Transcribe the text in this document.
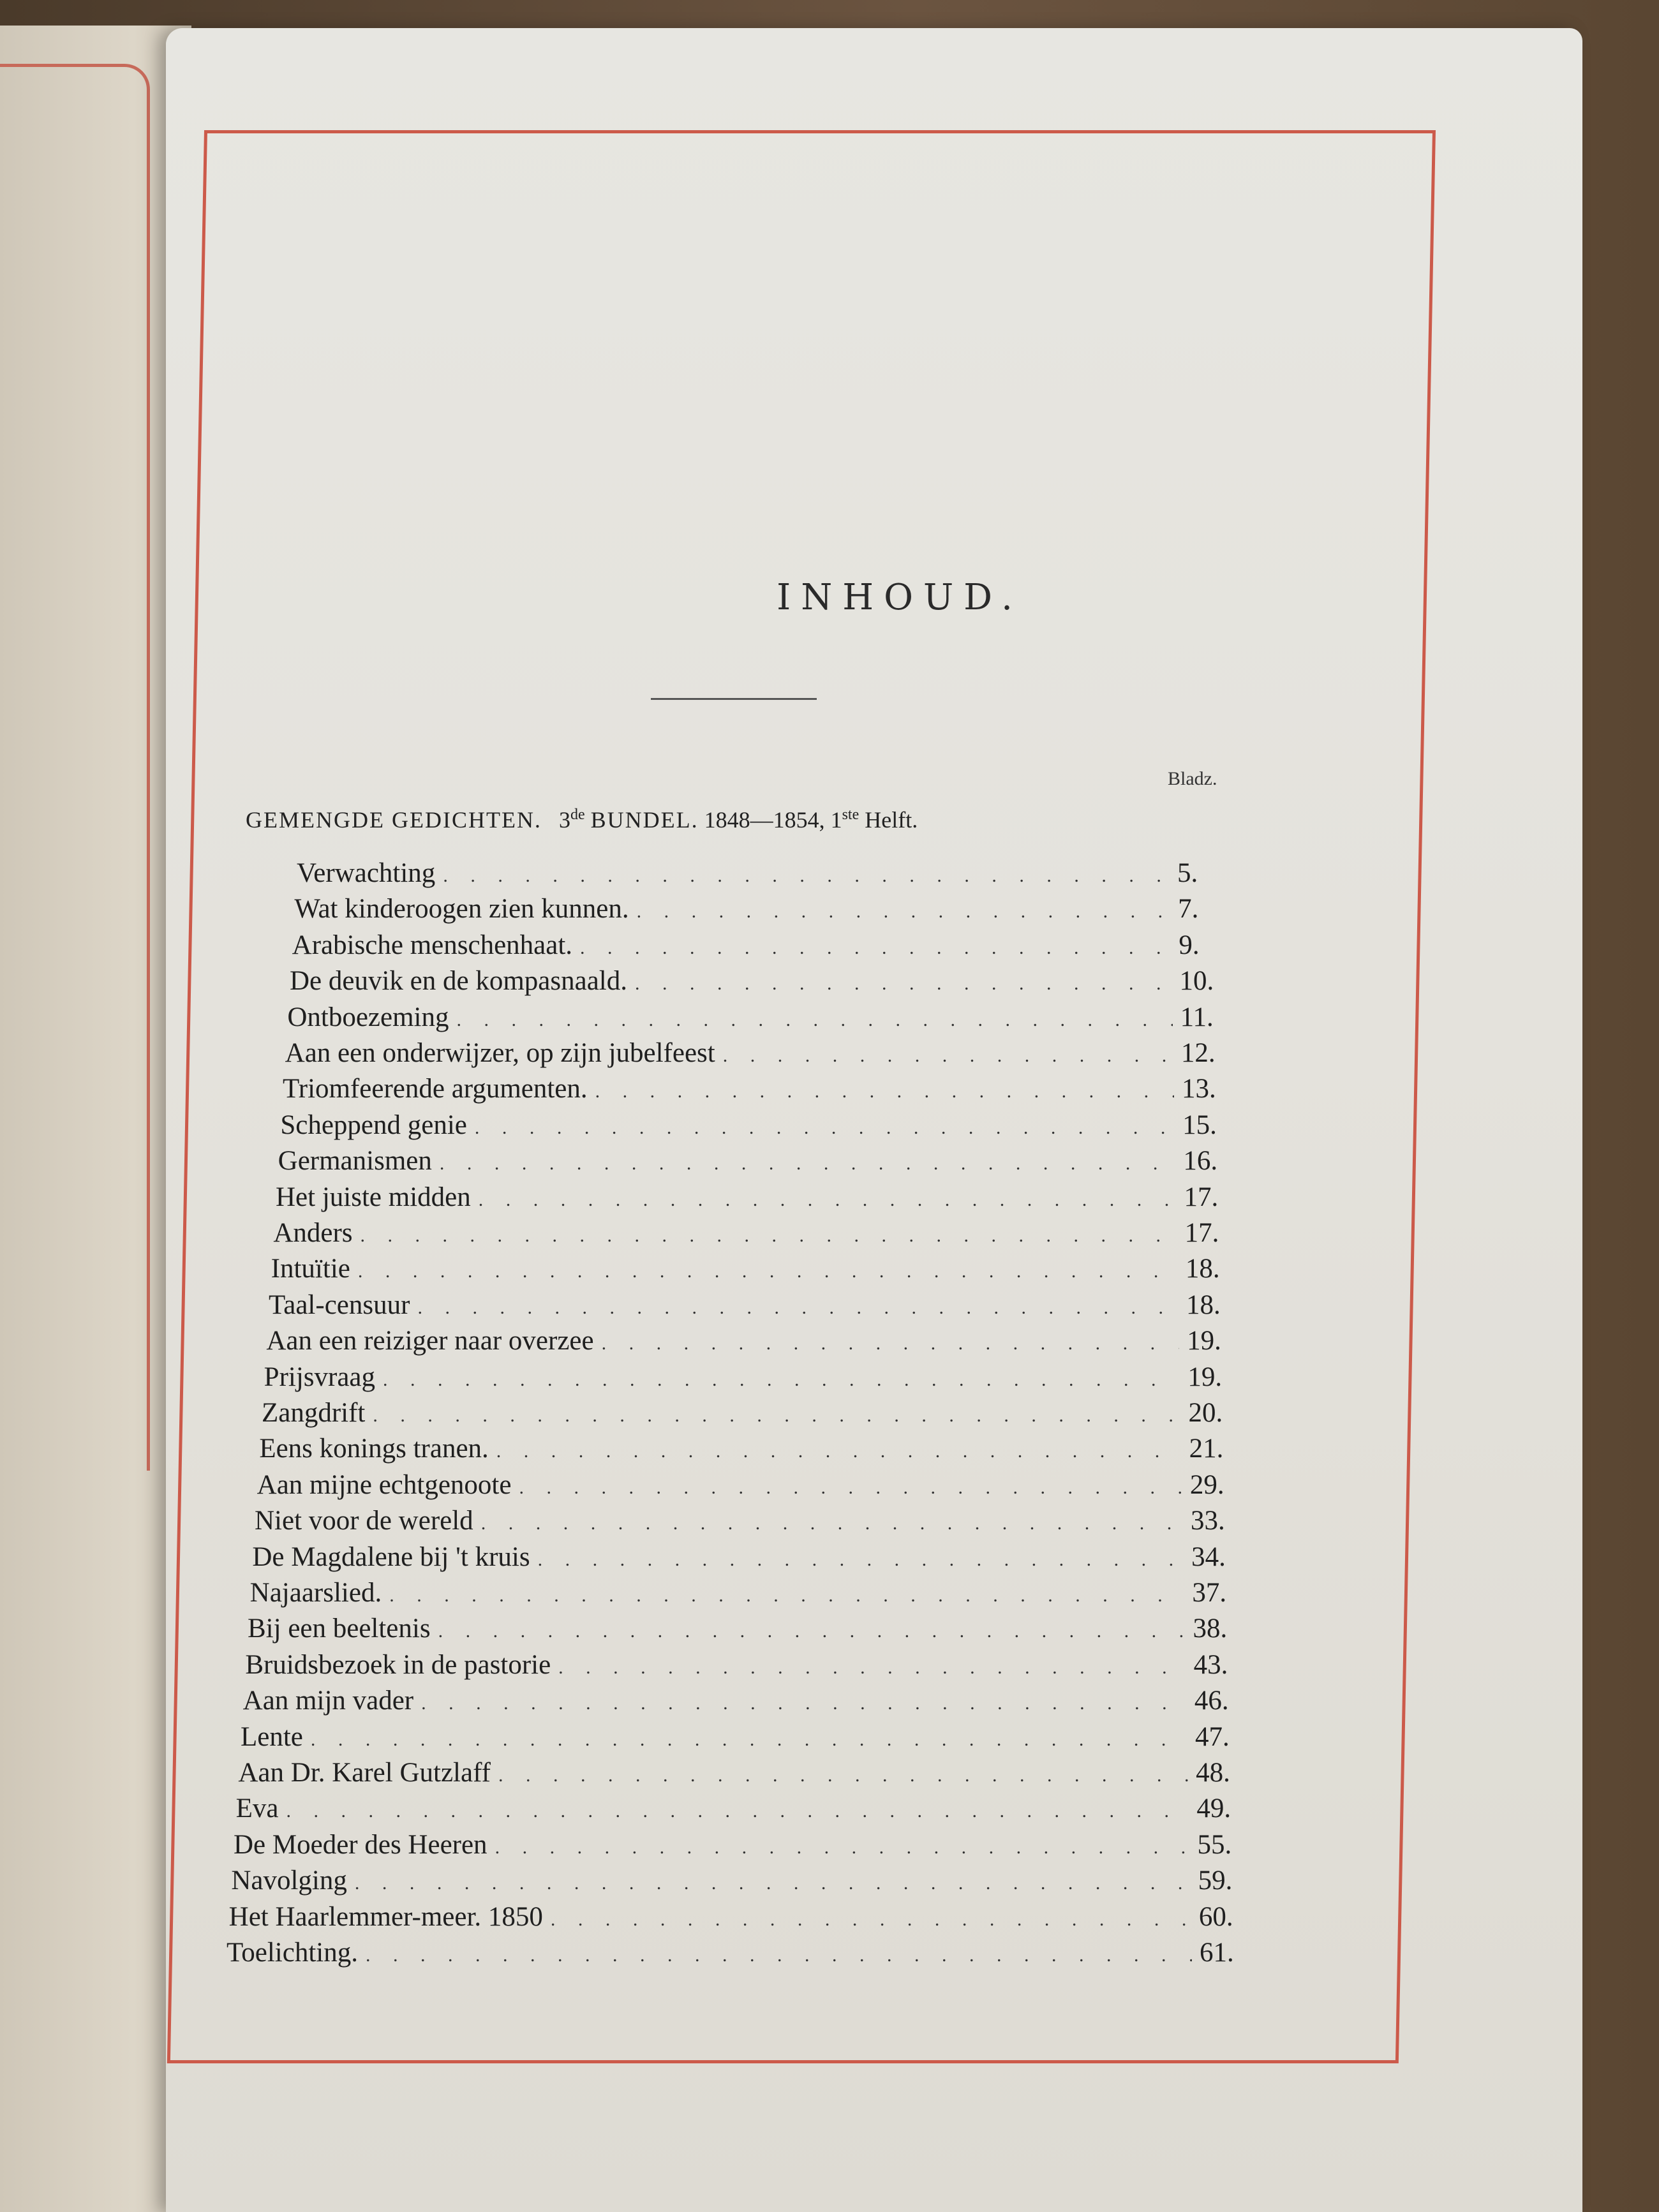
INHOUD.
Bladz.
GEMENGDE GEDICHTEN. 3de BUNDEL. 1848—1854, 1ste Helft.
Verwachting . . .	5.
Wat kinderoogen zien kunnen. . . .	7.
Arabische menschenhaat. . . .	9.
De deuvik en de kompasnaald. . . .	10.
Ontboezeming . . .	11.
Aan een onderwijzer, op zijn jubelfeest . . .	12.
Triomfeerende argumenten. . . .	13.
Scheppend genie . . .	15.
Germanismen . . .	16.
Het juiste midden . . .	17.
Anders . . .	17.
Intuïtie . . .	18.
Taal-censuur . . .	18.
Aan een reiziger naar overzee . . .	19.
Prijsvraag . . .	19.
Zangdrift . . .	20.
Eens konings tranen. . . .	21.
Aan mijne echtgenoote . . .	29.
Niet voor de wereld . . .	33.
De Magdalene bij 't kruis . . .	34.
Najaarslied. . . .	37.
Bij een beeltenis . . .	38.
Bruidsbezoek in de pastorie . . .	43.
Aan mijn vader . . .	46.
Lente . . .	47.
Aan Dr. Karel Gutzlaff . . .	48.
Eva . . .	49.
De Moeder des Heeren . . .	55.
Navolging . . .	59.
Het Haarlemmer-meer. 1850 . . .	60.
Toelichting. . . .	61.
